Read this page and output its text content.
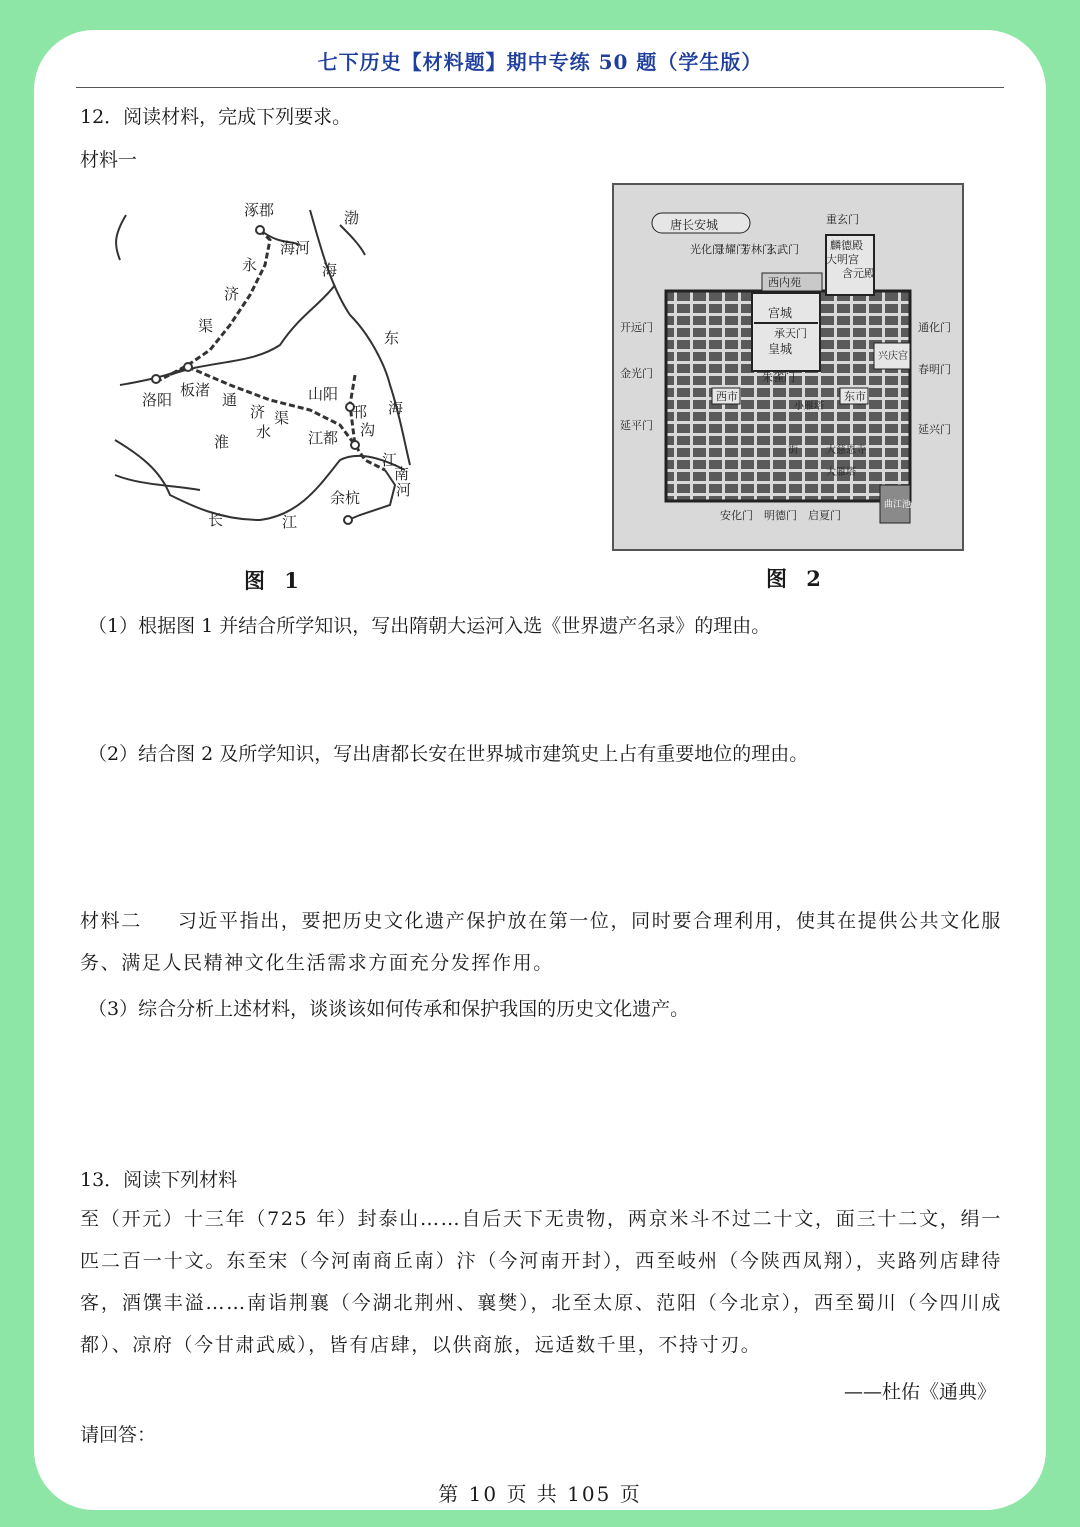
七下历史【材料题】期中专练 50 题（学生版）
12．阅读材料，完成下列要求。
材料一
涿郡	渤
海河
海
永
济
渠
东
洛阳
板渚
通
济 渠
山阳
邗
沟
海
淮
水 江都
江
南
河
余杭
长	江
图 1
唐长安城	重玄门
麟德殿
大明宫
含元殿
光化门
景耀门
芳林门
玄武门
西内苑
宫城
皇城
承天门	通化门
开远门
春明门
金光门
兴庆宫
朱雀门
西市	东市
延平门	延兴门
小雁塔
大雁塔
大慈恩寺
街
安化门 明德门 启夏门
曲江池
图 2
（1）根据图 1 并结合所学知识，写出隋朝大运河入选《世界遗产名录》的理由。
（2）结合图 2 及所学知识，写出唐都长安在世界城市建筑史上占有重要地位的理由。
材料二 习近平指出，要把历史文化遗产保护放在第一位，同时要合理利用，使其在提供公共文化服务、满足人民精神文化生活需求方面充分发挥作用。
（3）综合分析上述材料，谈谈该如何传承和保护我国的历史文化遗产。
13．阅读下列材料
至（开元）十三年（725 年）封泰山……自后天下无贵物，两京米斗不过二十文，面三十二文，绢一匹二百一十文。东至宋（今河南商丘南）汴（今河南开封），西至岐州（今陕西凤翔），夹路列店肆待客，酒馔丰溢……南诣荆襄（今湖北荆州、襄樊），北至太原、范阳（今北京），西至蜀川（今四川成都）、凉府（今甘肃武威），皆有店肆，以供商旅，远适数千里，不持寸刃。
——杜佑《通典》
请回答：
第 10 页 共 105 页
